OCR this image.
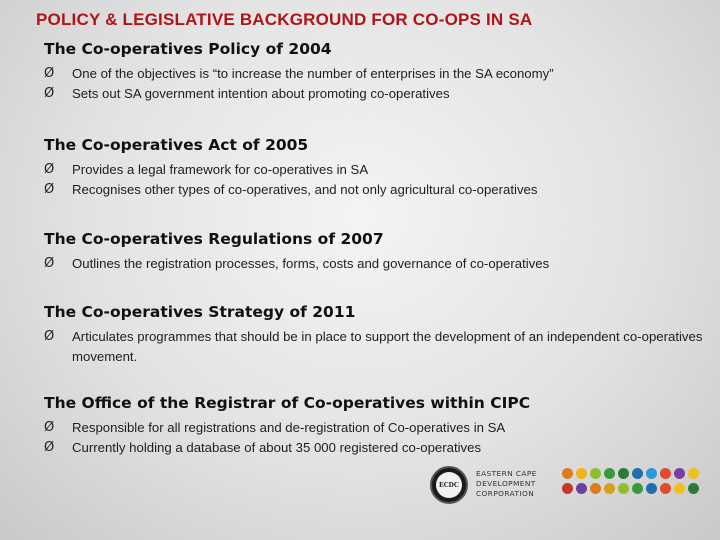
POLICY & LEGISLATIVE BACKGROUND FOR CO-OPS IN SA
The Co-operatives Policy of 2004
Ø One of the objectives is “to increase the number of enterprises in the SA economy”
Ø Sets out SA government intention about promoting co-operatives
The Co-operatives Act of 2005
Ø Provides a legal framework for co-operatives in SA
Ø Recognises other types of co-operatives, and not only agricultural co-operatives
The Co-operatives Regulations of 2007
Ø Outlines the registration processes, forms, costs and governance of co-operatives
The Co-operatives Strategy of 2011
Ø Articulates programmes that should be in place to support the development of an independent co-operatives movement.
The Office of the Registrar of Co-operatives within CIPC
Ø Responsible for all registrations and de-registration of Co-operatives in SA
Ø Currently holding a database of about 35 000 registered co-operatives
ECDC
EASTERN CAPE
DEVELOPMENT
CORPORATION
